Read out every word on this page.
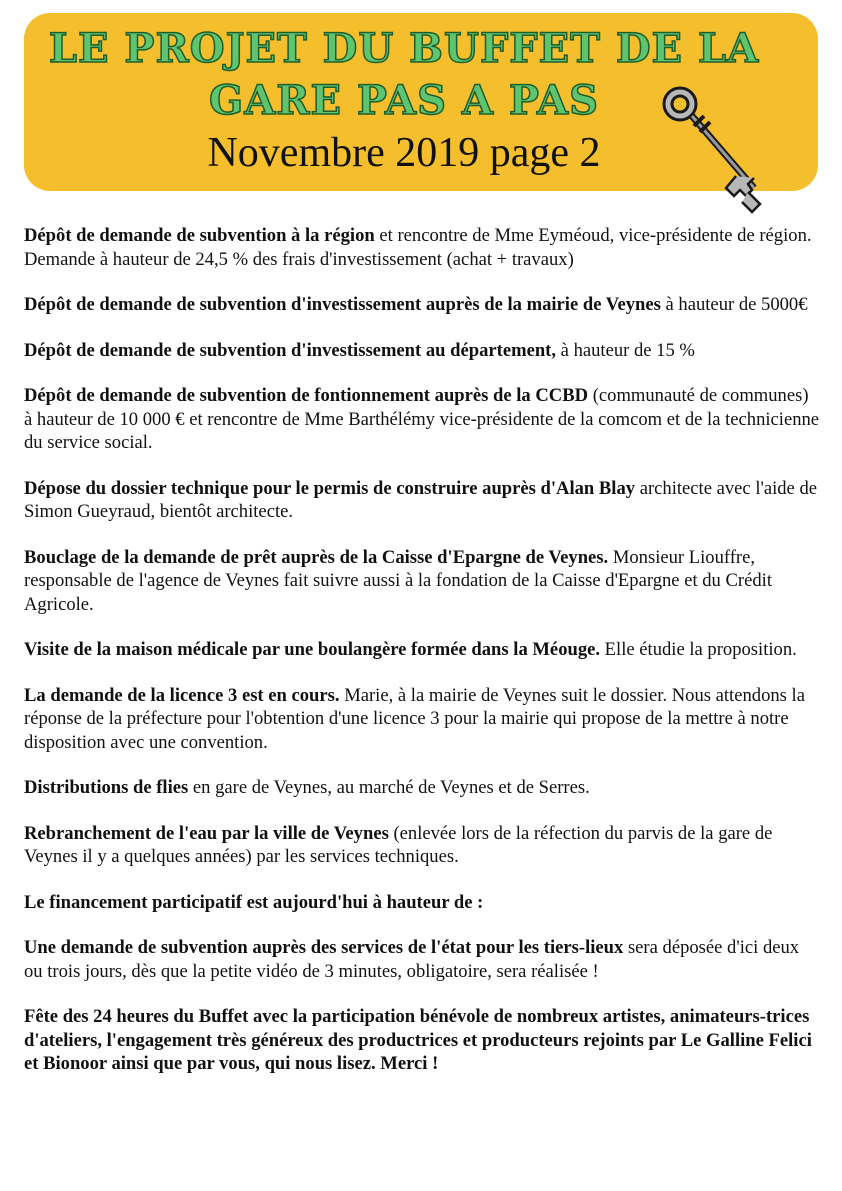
LE PROJET DU BUFFET DE LA
GARE PAS A PAS
Novembre 2019 page 2

Dépôt de demande de subvention à la région et rencontre de Mme Eyméoud, vice-présidente de région. Demande à hauteur de 24,5 % des frais d'investissement (achat + travaux)

Dépôt de demande de subvention d'investissement auprès de la mairie de Veynes à hauteur de 5000€

Dépôt de demande de subvention d'investissement au département, à hauteur de 15 %

Dépôt de demande de subvention de fontionnement auprès de la CCBD (communauté de communes) à hauteur de 10 000 € et rencontre de Mme Barthélémy vice-présidente de la comcom et de la technicienne du service social.

Dépose du dossier technique pour le permis de construire auprès d'Alan Blay architecte avec l'aide de Simon Gueyraud, bientôt architecte.

Bouclage de la demande de prêt auprès de la Caisse d'Epargne de Veynes. Monsieur Liouffre, responsable de l'agence de Veynes fait suivre aussi à la fondation de la Caisse d'Epargne et du Crédit Agricole.

Visite de la maison médicale par une boulangère formée dans la Méouge. Elle étudie la proposition.

La demande de la licence 3 est en cours. Marie, à la mairie de Veynes suit le dossier. Nous attendons la réponse de la préfecture pour l'obtention d'une licence 3 pour la mairie qui propose de la mettre à notre disposition avec une convention.

Distributions de flies en gare de Veynes, au marché de Veynes et de Serres.

Rebranchement de l'eau par la ville de Veynes (enlevée lors de la réfection du parvis de la gare de Veynes il y a quelques années) par les services techniques.

Le financement participatif est aujourd'hui à hauteur de :

Une demande de subvention auprès des services de l'état pour les tiers-lieux sera déposée d'ici deux ou trois jours, dès que la petite vidéo de 3 minutes, obligatoire, sera réalisée !

Fête des 24 heures du Buffet avec la participation bénévole de nombreux artistes, animateurs-trices d'ateliers, l'engagement très généreux des productrices et producteurs rejoints par Le Galline Felici et Bionoor ainsi que par vous, qui nous lisez. Merci !
